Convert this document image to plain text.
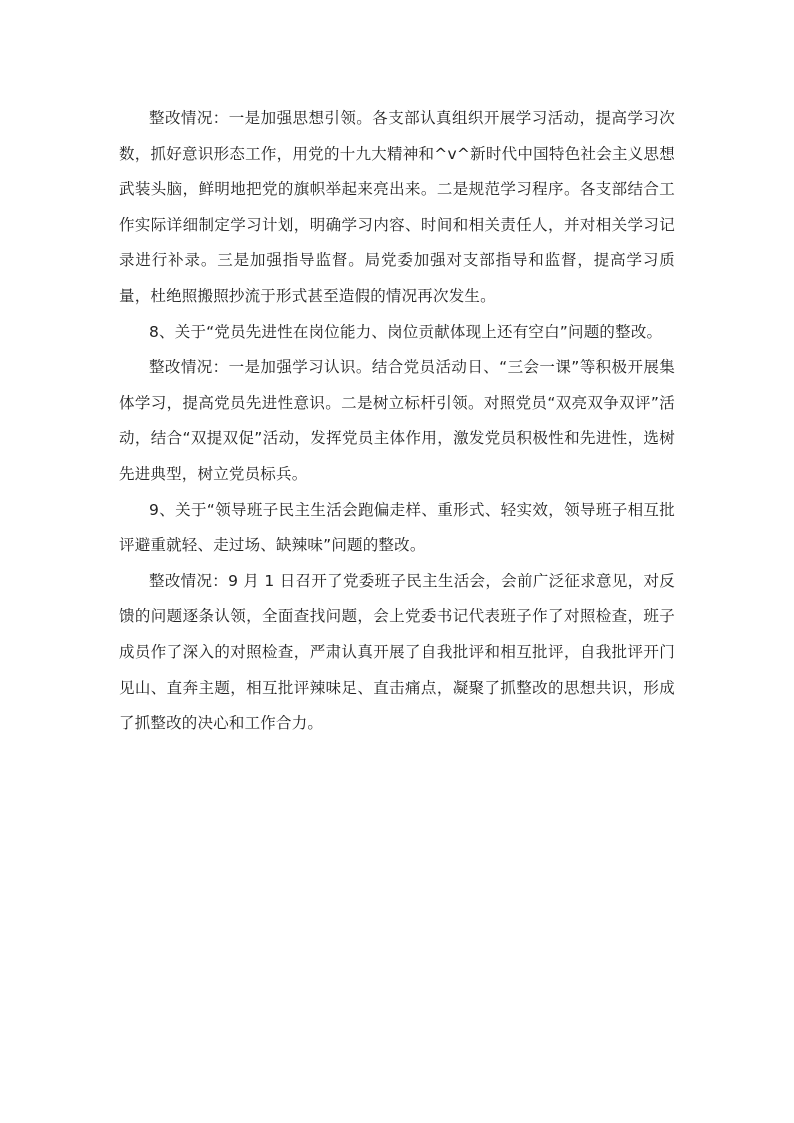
整改情况：一是加强思想引领。各支部认真组织开展学习活动，提高学习次数，抓好意识形态工作，用党的十九大精神和^v^新时代中国特色社会主义思想武装头脑，鲜明地把党的旗帜举起来亮出来。二是规范学习程序。各支部结合工作实际详细制定学习计划，明确学习内容、时间和相关责任人，并对相关学习记录进行补录。三是加强指导监督。局党委加强对支部指导和监督，提高学习质量，杜绝照搬照抄流于形式甚至造假的情况再次发生。

8、关于“党员先进性在岗位能力、岗位贡献体现上还有空白”问题的整改。

整改情况：一是加强学习认识。结合党员活动日、“三会一课”等积极开展集体学习，提高党员先进性意识。二是树立标杆引领。对照党员“双亮双争双评”活动，结合“双提双促”活动，发挥党员主体作用，激发党员积极性和先进性，选树先进典型，树立党员标兵。

9、关于“领导班子民主生活会跑偏走样、重形式、轻实效，领导班子相互批评避重就轻、走过场、缺辣味”问题的整改。

整改情况：9 月 1 日召开了党委班子民主生活会，会前广泛征求意见，对反馈的问题逐条认领，全面查找问题，会上党委书记代表班子作了对照检查，班子成员作了深入的对照检查，严肃认真开展了自我批评和相互批评，自我批评开门见山、直奔主题，相互批评辣味足、直击痛点，凝聚了抓整改的思想共识，形成了抓整改的决心和工作合力。
